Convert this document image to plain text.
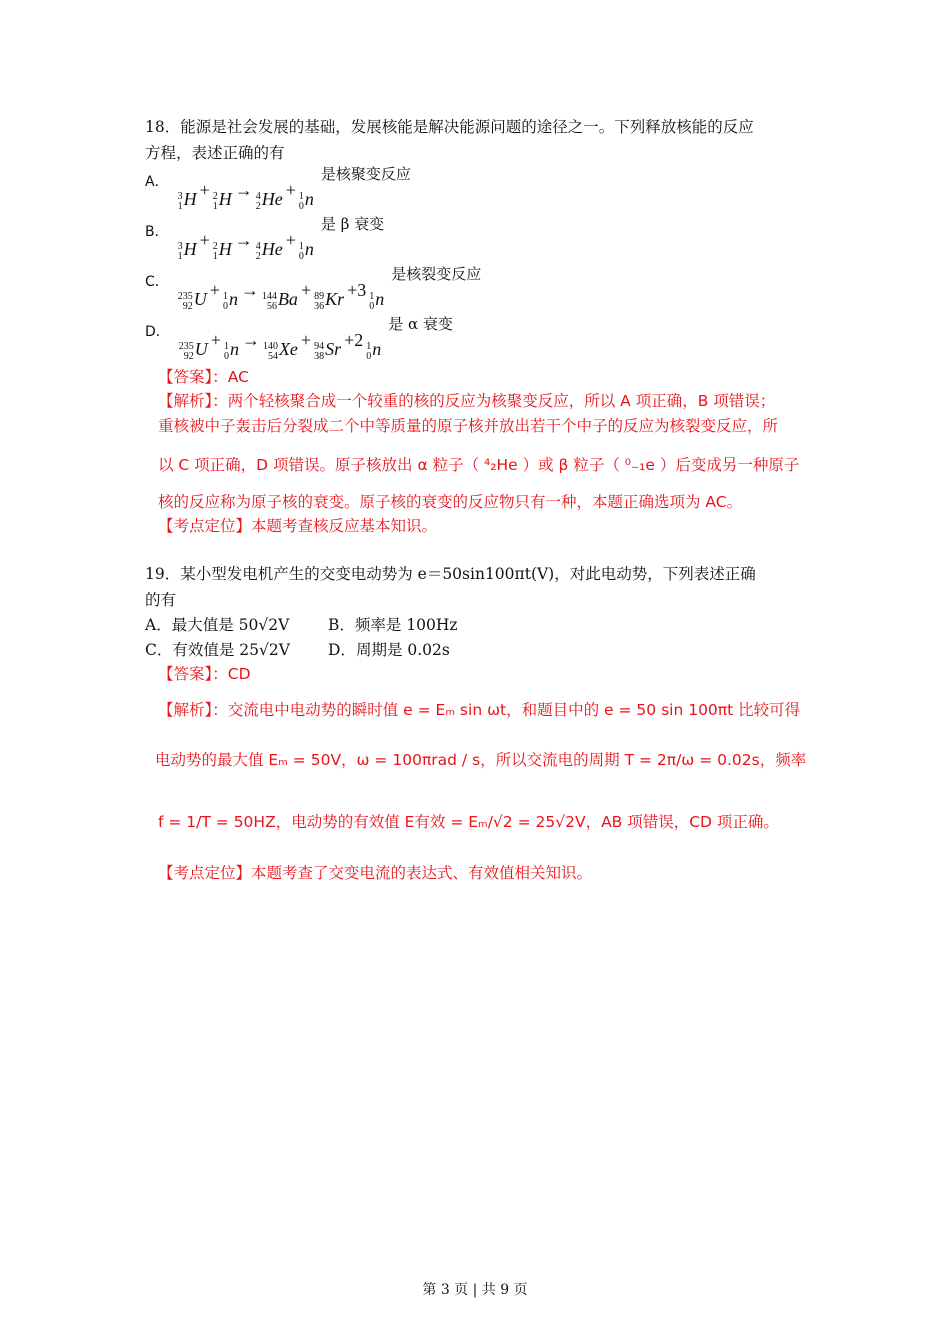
18．能源是社会发展的基础，发展核能是解决能源问题的途径之一。下列释放核能的反应
方程，表述正确的有
A．
3
1 H + 2
1 H → 4
2 He + 1
0 n
是核聚变反应
B．
3
1 H + 2
1 H → 4
2 He + 1
0 n
是 β 衰变
C．
235
92 U + 1
0 n → 144
56 Ba + 89
36 Kr +3 1
0 n
是核裂变反应
D．
235
92 U + 1
0 n → 140
54 Xe + 94
38 Sr +2 1
0 n
是 α 衰变
【答案】：AC
【解析】：两个轻核聚合成一个较重的核的反应为核聚变反应，所以 A 项正确，B 项错误；
重核被中子轰击后分裂成二个中等质量的原子核并放出若干个中子的反应为核裂变反应，所
以 C 项正确，D 项错误。原子核放出 α 粒子（ ⁴₂He ）或 β 粒子（ ⁰₋₁e ）后变成另一种原子
核的反应称为原子核的衰变。原子核的衰变的反应物只有一种，本题正确选项为 AC。
【考点定位】本题考查核反应基本知识。
19．某小型发电机产生的交变电动势为 e＝50sin100πt(V)，对此电动势，下列表述正确
的有
A．最大值是 50√2V B．频率是 100Hz
C．有效值是 25√2V D．周期是 0.02s
【答案】：CD
【解析】：交流电中电动势的瞬时值 e = Eₘ sin ωt，和题目中的 e = 50 sin 100πt 比较可得
电动势的最大值 Eₘ = 50V，ω = 100πrad / s，所以交流电的周期 T = 2π/ω = 0.02s，频率
f = 1/T = 50HZ，电动势的有效值 E有效 = Eₘ/√2 = 25√2V，AB 项错误，CD 项正确。
【考点定位】本题考查了交变电流的表达式、有效值相关知识。
第 3 页 | 共 9 页
